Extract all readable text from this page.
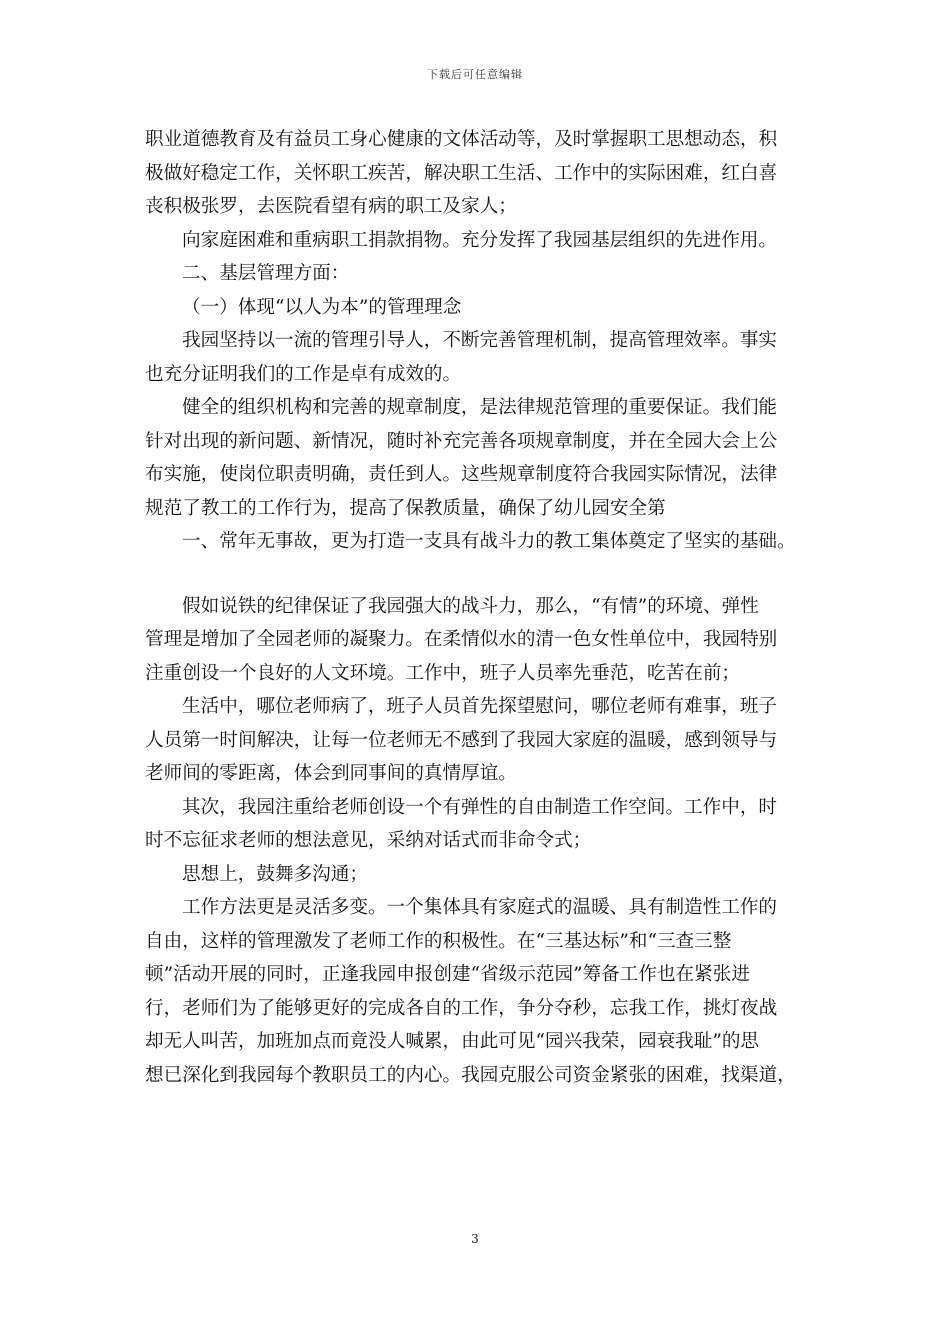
下载后可任意编辑
职业道德教育及有益员工身心健康的文体活动等，及时掌握职工思想动态，积
极做好稳定工作，关怀职工疾苦，解决职工生活、工作中的实际困难，红白喜
丧积极张罗，去医院看望有病的职工及家人；
向家庭困难和重病职工捐款捐物。充分发挥了我园基层组织的先进作用。
二、基层管理方面：
（一）体现“以人为本”的管理理念
我园坚持以一流的管理引导人，不断完善管理机制，提高管理效率。事实
也充分证明我们的工作是卓有成效的。
健全的组织机构和完善的规章制度，是法律规范管理的重要保证。我们能
针对出现的新问题、新情况，随时补充完善各项规章制度，并在全园大会上公
布实施，使岗位职责明确，责任到人。这些规章制度符合我园实际情况，法律
规范了教工的工作行为，提高了保教质量，确保了幼儿园安全第
一、常年无事故，更为打造一支具有战斗力的教工集体奠定了坚实的基础。
假如说铁的纪律保证了我园强大的战斗力，那么，“有情”的环境、弹性
管理是增加了全园老师的凝聚力。在柔情似水的清一色女性单位中，我园特别
注重创设一个良好的人文环境。工作中，班子人员率先垂范，吃苦在前；
生活中，哪位老师病了，班子人员首先探望慰问，哪位老师有难事，班子
人员第一时间解决，让每一位老师无不感到了我园大家庭的温暖，感到领导与
老师间的零距离，体会到同事间的真情厚谊。
其次，我园注重给老师创设一个有弹性的自由制造工作空间。工作中，时
时不忘征求老师的想法意见，采纳对话式而非命令式；
思想上，鼓舞多沟通；
工作方法更是灵活多变。一个集体具有家庭式的温暖、具有制造性工作的
自由，这样的管理激发了老师工作的积极性。在“三基达标”和“三查三整
顿”活动开展的同时，正逢我园申报创建“省级示范园”筹备工作也在紧张进
行，老师们为了能够更好的完成各自的工作，争分夺秒，忘我工作，挑灯夜战
却无人叫苦，加班加点而竟没人喊累，由此可见“园兴我荣，园衰我耻”的思
想已深化到我园每个教职员工的内心。我园克服公司资金紧张的困难，找渠道，
3
